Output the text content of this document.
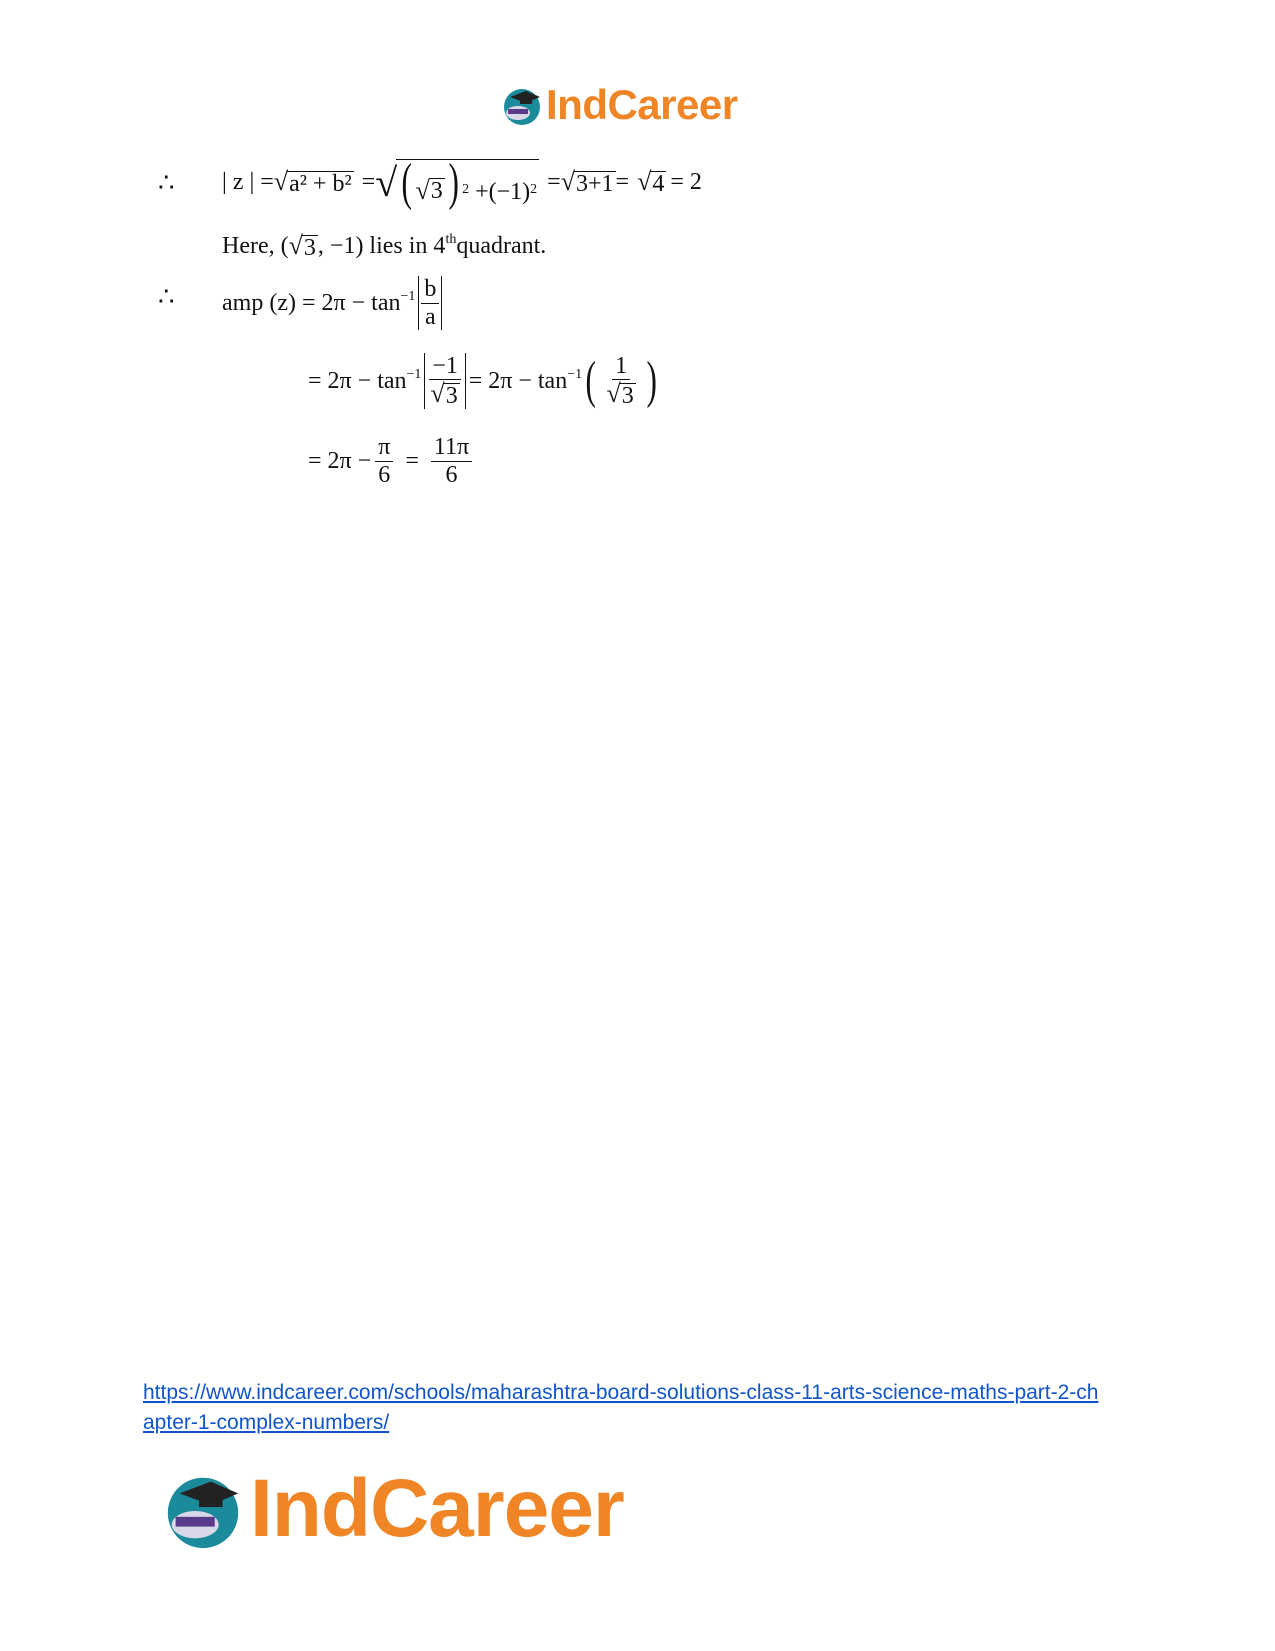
IndCareer
∴ | z | = √ a² + b² = √ ( √ 3 ) $^2 +(-1)^2$ = √ 3+1 = √ 4 = 2
Here, ( √ 3 , −1) lies in 4th quadrant.
∴ amp $(z) = 2\pi - \tan^{-1} \frac{b}{a}$
= $2\pi - \tan^{-1} \frac{-1}{√ 3} = 2\pi - \tan^{-1}$ ( $\frac{1}{√ 3}$ )
= $2\pi - \frac{\pi}{6} = \frac{11\pi}{6}$
https://www.indcareer.com/schools/maharashtra-board-solutions-class-11-arts-science-maths-part-2-chapter-1-complex-numbers/
IndCareer
